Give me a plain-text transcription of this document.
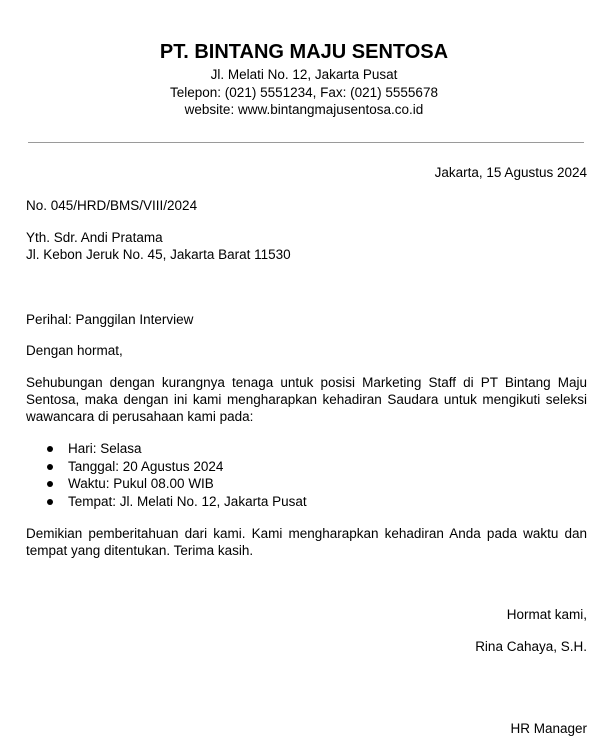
PT. BINTANG MAJU SENTOSA
Jl. Melati No. 12, Jakarta Pusat
Telepon: (021) 5551234, Fax: (021) 5555678
website: www.bintangmajusentosa.co.id
Jakarta, 15 Agustus 2024
No. 045/HRD/BMS/VIII/2024
Yth. Sdr. Andi Pratama
Jl. Kebon Jeruk No. 45, Jakarta Barat 11530
Perihal: Panggilan Interview
Dengan hormat,
Sehubungan dengan kurangnya tenaga untuk posisi Marketing Staff di PT Bintang Maju Sentosa, maka dengan ini kami mengharapkan kehadiran Saudara untuk mengikuti seleksi wawancara di perusahaan kami pada:
Hari: Selasa
Tanggal: 20 Agustus 2024
Waktu: Pukul 08.00 WIB
Tempat: Jl. Melati No. 12, Jakarta Pusat
Demikian pemberitahuan dari kami. Kami mengharapkan kehadiran Anda pada waktu dan tempat yang ditentukan. Terima kasih.
Hormat kami,
Rina Cahaya, S.H.
HR Manager
